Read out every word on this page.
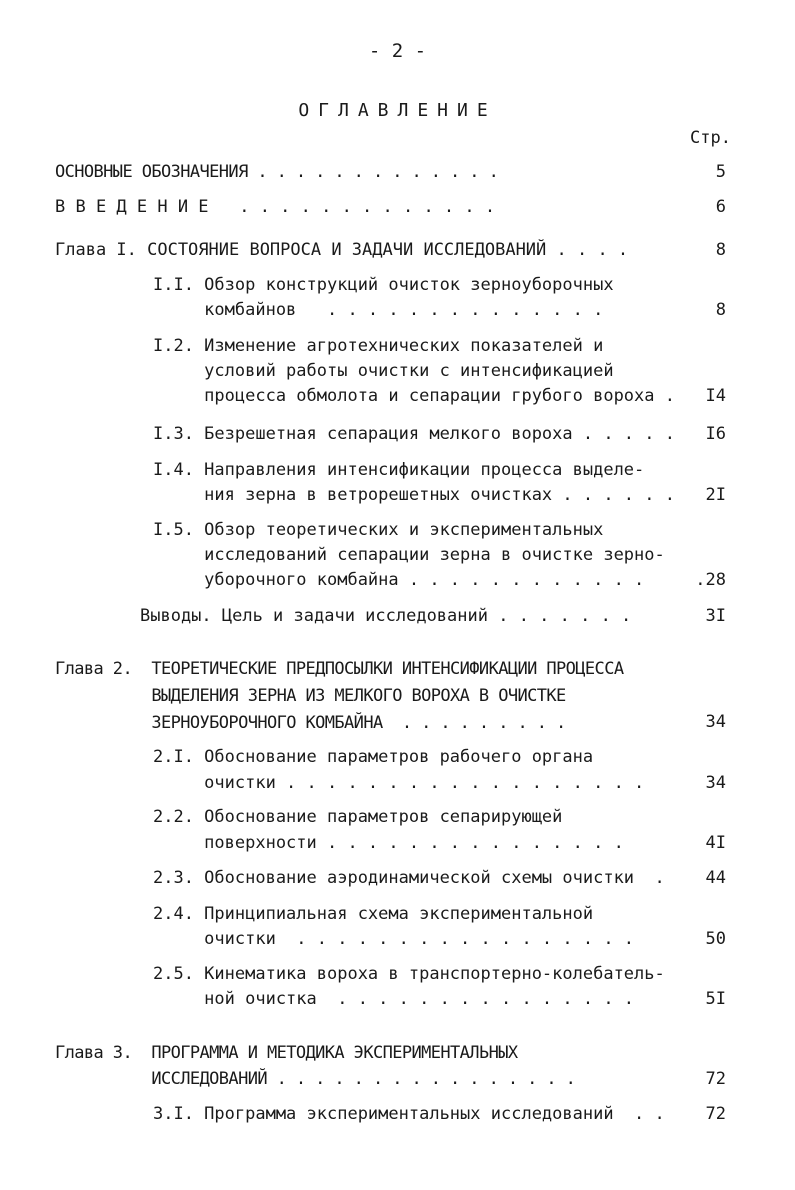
- 2 -
ОГЛАВЛЕНИЕ
Стр.
ОСНОВНЫЕ ОБОЗНАЧЕНИЯ . . . . . . . . . . . . .	5
В В Е Д Е Н И Е   . . . . . . . . . . . . .	6
Глава I. СОСТОЯНИЕ ВОПРОСА И ЗАДАЧИ ИССЛЕДОВАНИЙ . . . .	8
I.I. Обзор конструкций очисток зерноуборочных
комбайнов   . . . . . . . . . . . . . .	8
I.2. Изменение агротехнических показателей и
условий работы очистки с интенсификацией
процесса обмолота и сепарации грубого вороха .	I4
I.3. Безрешетная сепарация мелкого вороха . . . . .	I6
I.4. Направления интенсификации процесса выделе-
ния зерна в ветрорешетных очистках . . . . . .	2I
I.5. Обзор теоретических и экспериментальных
исследований сепарации зерна в очистке зерно-
уборочного комбайна . . . . . . . . . . . .	.28
Выводы. Цель и задачи исследований . . . . . . .	3I
Глава 2.  ТЕОРЕТИЧЕСКИЕ ПРЕДПОСЫЛКИ ИНТЕНСИФИКАЦИИ ПРОЦЕССА
ВЫДЕЛЕНИЯ ЗЕРНА ИЗ МЕЛКОГО ВОРОХА В ОЧИСТКЕ
ЗЕРНОУБОРОЧНОГО КОМБАЙНА  . . . . . . . . .	34
2.I. Обоснование параметров рабочего органа
очистки . . . . . . . . . . . . . . . . . .	34
2.2. Обоснование параметров сепарирующей
поверхности . . . . . . . . . . . . . . .	4I
2.3. Обоснование аэродинамической схемы очистки  .	44
2.4. Принципиальная схема экспериментальной
очистки  . . . . . . . . . . . . . . . . .	50
2.5. Кинематика вороха в транспортерно-колебатель-
ной очистка  . . . . . . . . . . . . . . .	5I
Глава 3.  ПРОГРАММА И МЕТОДИКА ЭКСПЕРИМЕНТАЛЬНЫХ
ИССЛЕДОВАНИЙ . . . . . . . . . . . . . . . .	72
3.I. Программа экспериментальных исследований  . .	72
